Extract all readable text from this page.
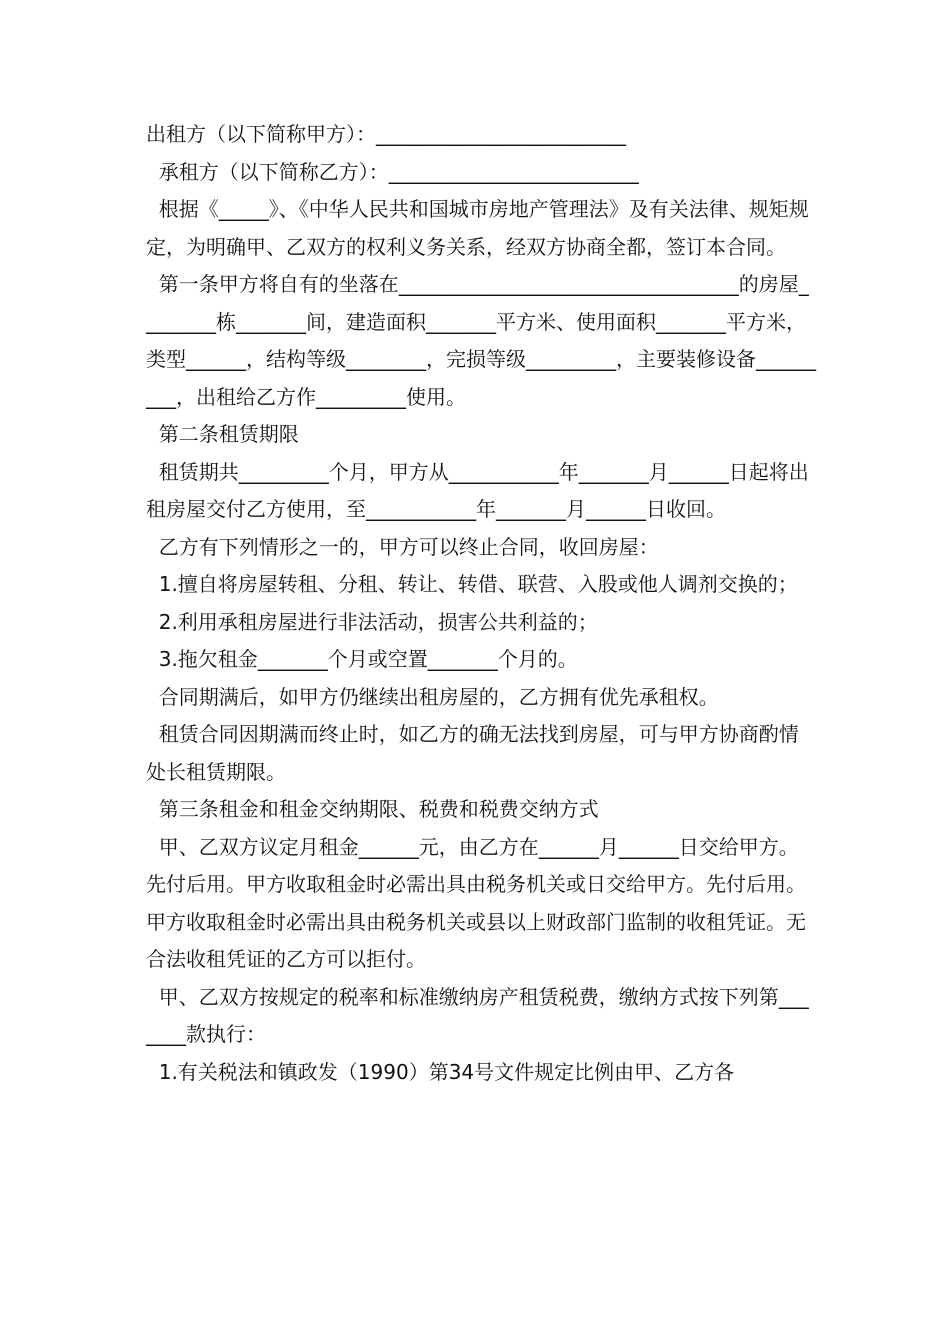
出租方（以下简称甲方）：_________________________

承租方（以下简称乙方）：_________________________

根据《_____》、《中华人民共和国城市房地产管理法》及有关法律、规矩规定，为明确甲、乙双方的权利义务关系，经双方协商全都，签订本合同。

第一条甲方将自有的坐落在__________________________________的房屋________栋_______间，建造面积_______平方米、使用面积_______平方米，类型______，结构等级________，完损等级_________，主要装修设备_________，出租给乙方作_________使用。

第二条租赁期限

租赁期共_________个月，甲方从___________年_______月______日起将出租房屋交付乙方使用，至___________年_______月______日收回。

乙方有下列情形之一的，甲方可以终止合同，收回房屋：

1.擅自将房屋转租、分租、转让、转借、联营、入股或他人调剂交换的；

2.利用承租房屋进行非法活动，损害公共利益的；

3.拖欠租金_______个月或空置_______个月的。

合同期满后，如甲方仍继续出租房屋的，乙方拥有优先承租权。

租赁合同因期满而终止时，如乙方的确无法找到房屋，可与甲方协商酌情处长租赁期限。

第三条租金和租金交纳期限、税费和税费交纳方式

甲、乙双方议定月租金______元，由乙方在______月______日交给甲方。先付后用。甲方收取租金时必需出具由税务机关或日交给甲方。先付后用。甲方收取租金时必需出具由税务机关或县以上财政部门监制的收租凭证。无合法收租凭证的乙方可以拒付。

甲、乙双方按规定的税率和标准缴纳房产租赁税费，缴纳方式按下列第_______款执行：

1.有关税法和镇政发（1990）第34号文件规定比例由甲、乙方各
